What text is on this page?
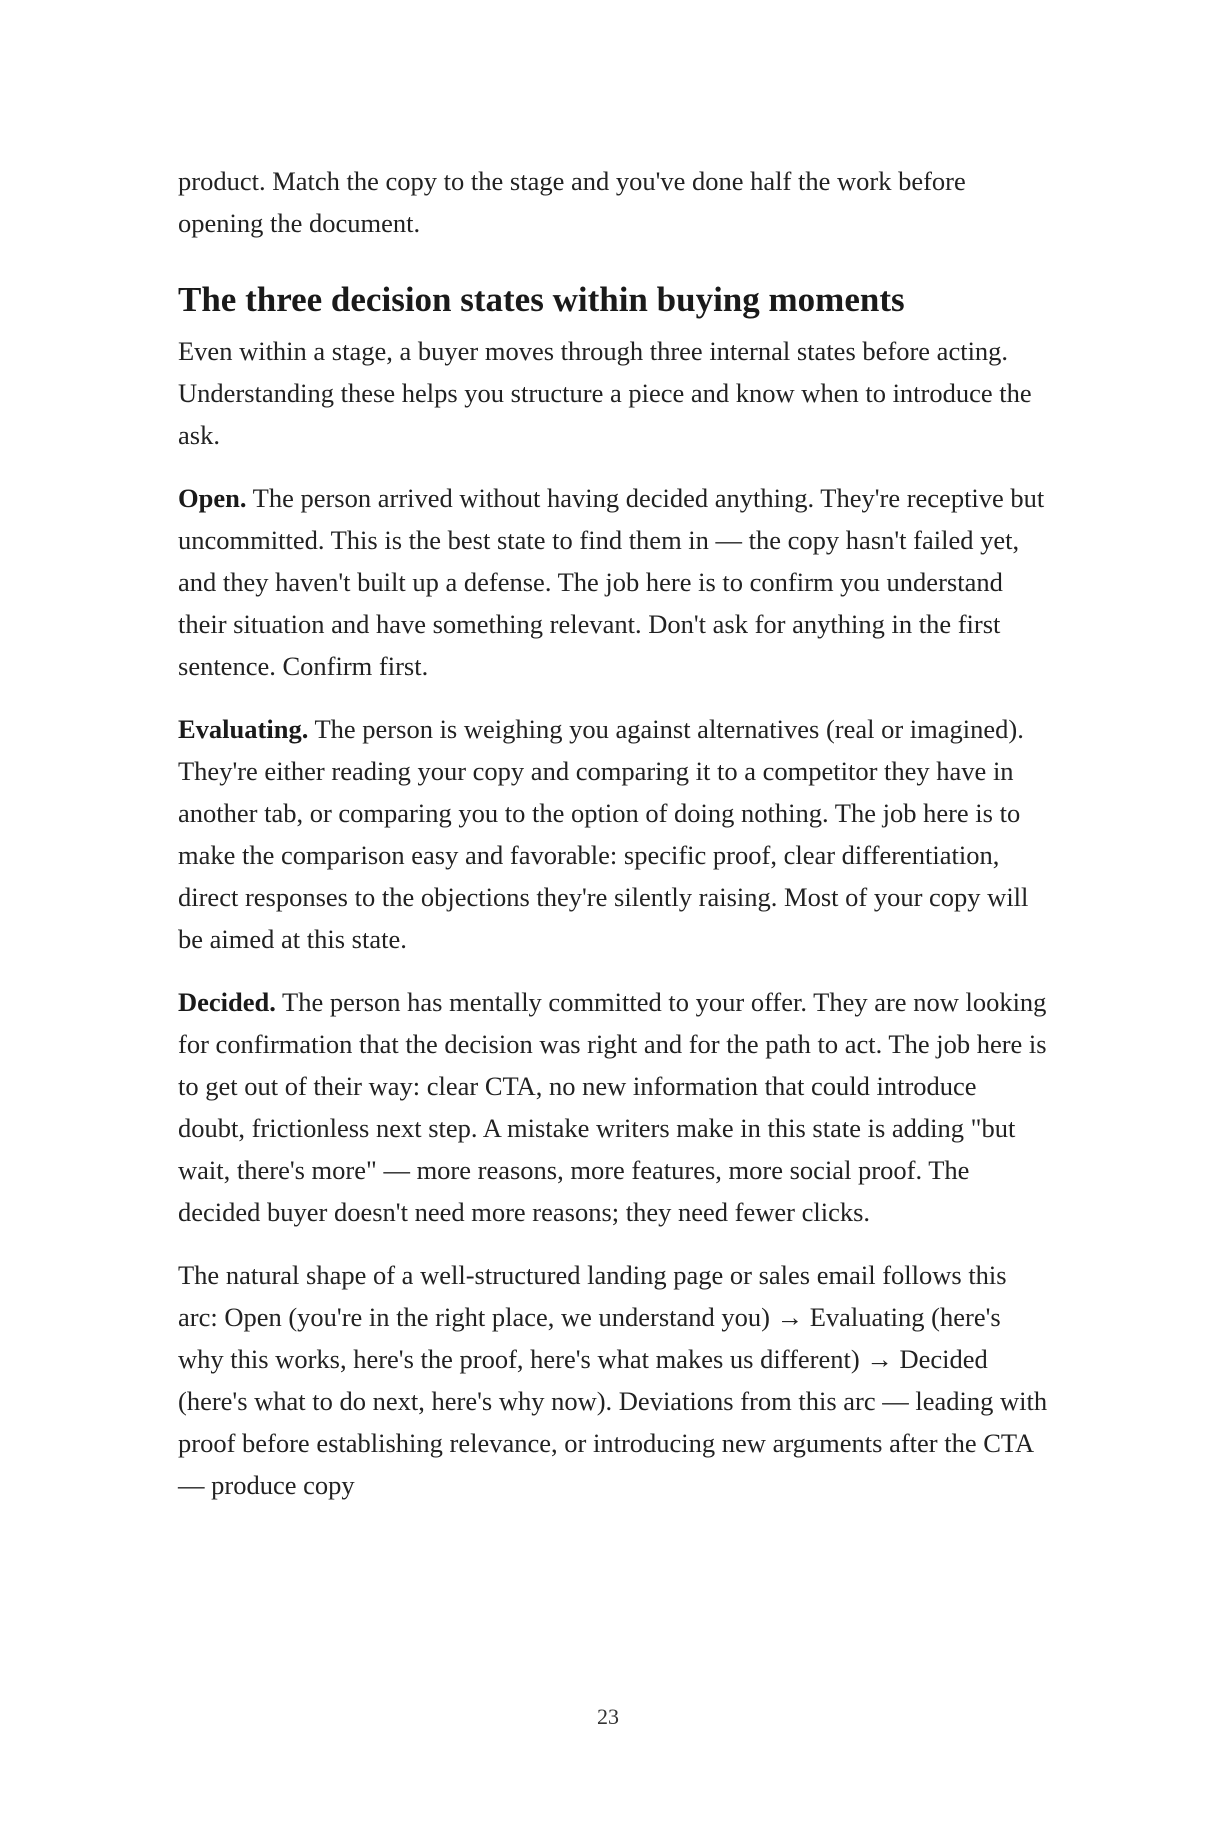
product. Match the copy to the stage and you've done half the work before opening the document.

The three decision states within buying moments

Even within a stage, a buyer moves through three internal states before acting. Understanding these helps you structure a piece and know when to introduce the ask.

Open. The person arrived without having decided anything. They're receptive but uncommitted. This is the best state to find them in — the copy hasn't failed yet, and they haven't built up a defense. The job here is to confirm you understand their situation and have something relevant. Don't ask for anything in the first sentence. Confirm first.

Evaluating. The person is weighing you against alternatives (real or imagined). They're either reading your copy and comparing it to a competitor they have in another tab, or comparing you to the option of doing nothing. The job here is to make the comparison easy and favorable: specific proof, clear differentiation, direct responses to the objections they're silently raising. Most of your copy will be aimed at this state.

Decided. The person has mentally committed to your offer. They are now looking for confirmation that the decision was right and for the path to act. The job here is to get out of their way: clear CTA, no new information that could introduce doubt, frictionless next step. A mistake writers make in this state is adding "but wait, there's more" — more reasons, more features, more social proof. The decided buyer doesn't need more reasons; they need fewer clicks.

The natural shape of a well-structured landing page or sales email follows this arc: Open (you're in the right place, we understand you) → Evaluating (here's why this works, here's the proof, here's what makes us different) → Decided (here's what to do next, here's why now). Deviations from this arc — leading with proof before establishing relevance, or introducing new arguments after the CTA — produce copy

23
